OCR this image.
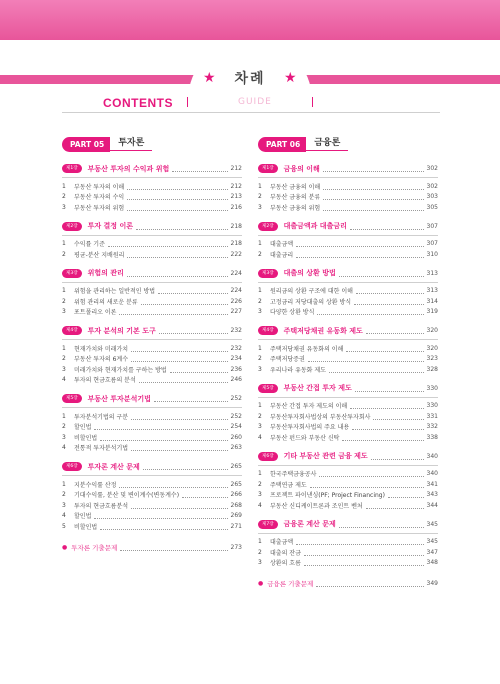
차례
★	★
CONTENTS	GUIDE
PART 05	투자론
제1장	부동산 투자의 수익과 위험	212
1	부동산 투자의 이해	212
2	부동산 투자의 수익	213
3	부동산 투자의 위험	216
제2장	투자 결정 이론	218
1	수익률 기준	218
2	평균-분산 지배원리	222
제3장	위험의 관리	224
1	위험을 관리하는 일반적인 방법	224
2	위험 관리의 새로운 분류	226
3	포트폴리오 이론	227
제4장	투자 분석의 기본 도구	232
1	현재가치와 미래가치	232
2	부동산 투자의 6계수	234
3	미래가치와 현재가치를 구하는 방법	236
4	투자의 현금흐름의 분석	246
제5장	부동산 투자분석기법	252
1	투자분석기법의 구분	252
2	할인법	254
3	비할인법	260
4	전통적 투자분석기법	263
제6장	투자론 계산 문제	265
1	지분수익률 산정	265
2	기대수익률, 분산 및 변이계수(변동계수)	266
3	투자의 현금흐름분석	268
4	할인법	269
5	비할인법	271
● 투자론 기출문제	273
PART 06	금융론
제1장	금융의 이해	302
1	부동산 금융의 이해	302
2	부동산 금융의 분류	303
3	부동산 금융의 위험	305
제2장	대출금액과 대출금리	307
1	대출금액	307
2	대출금리	310
제3장	대출의 상환 방법	313
1	원리금의 상환 구조에 대한 이해	313
2	고정금리 저당대출의 상환 방식	314
3	다양한 상환 방식	319
제4장	주택저당채권 유동화 제도	320
1	주택저당채권 유동화의 이해	320
2	주택저당증권	323
3	우리나라 유동화 제도	328
제5장	부동산 간접 투자 제도	330
1	부동산 간접 투자 제도의 이해	330
2	부동산투자회사법상의 부동산투자회사	331
3	부동산투자회사법의 주요 내용	332
4	부동산 펀드와 부동산 신탁	338
제6장	기타 부동산 관련 금융 제도	340
1	한국주택금융공사	340
2	주택연금 제도	341
3	프로젝트 파이낸싱(PF; Project Financing)	343
4	부동산 신디케이트론과 조인트 벤처	344
제7장	금융론 계산 문제	345
1	대출금액	345
2	대출의 잔금	347
3	상환의 흐름	348
● 금융론 기출문제	349
